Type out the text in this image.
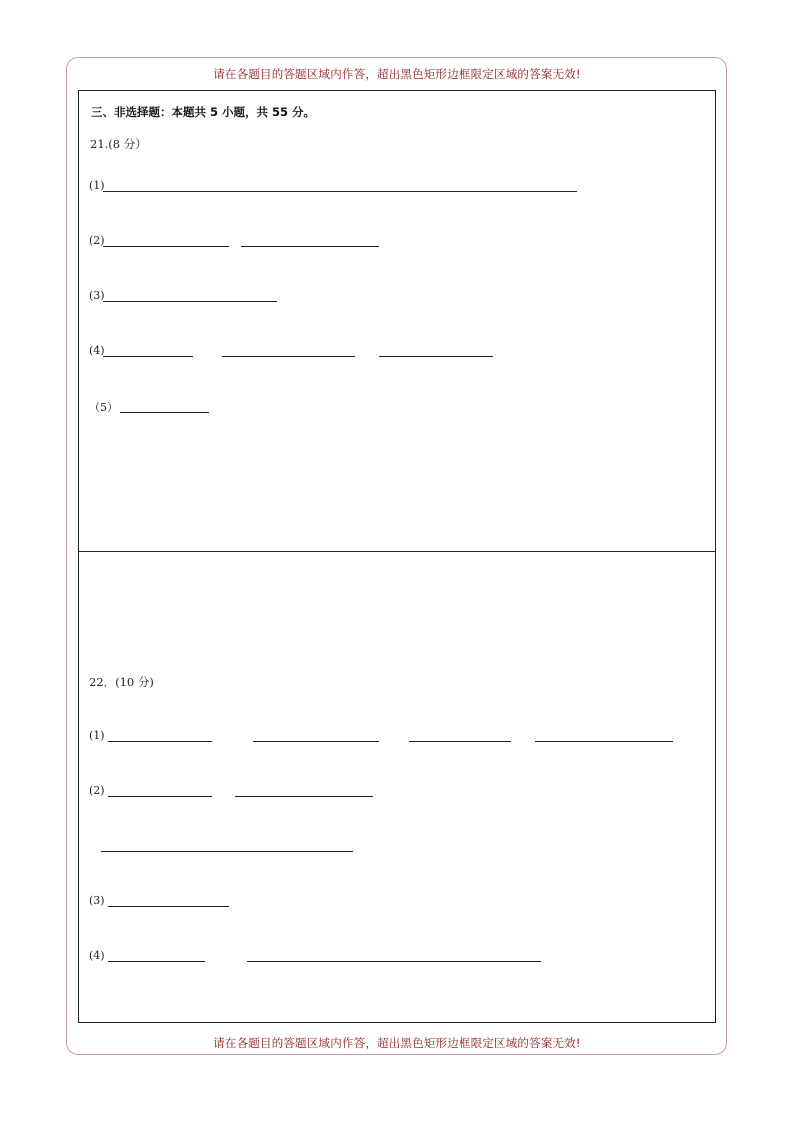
请在各题目的答题区域内作答，超出黑色矩形边框限定区域的答案无效!
请在各题目的答题区域内作答，超出黑色矩形边框限定区域的答案无效!
三、非选择题：本题共 5 小题，共 55 分。
21.(8 分）
(1)
(2)
(3)
(4)
（5）
22．(10 分)
(1)
(2)
(3)
(4)
